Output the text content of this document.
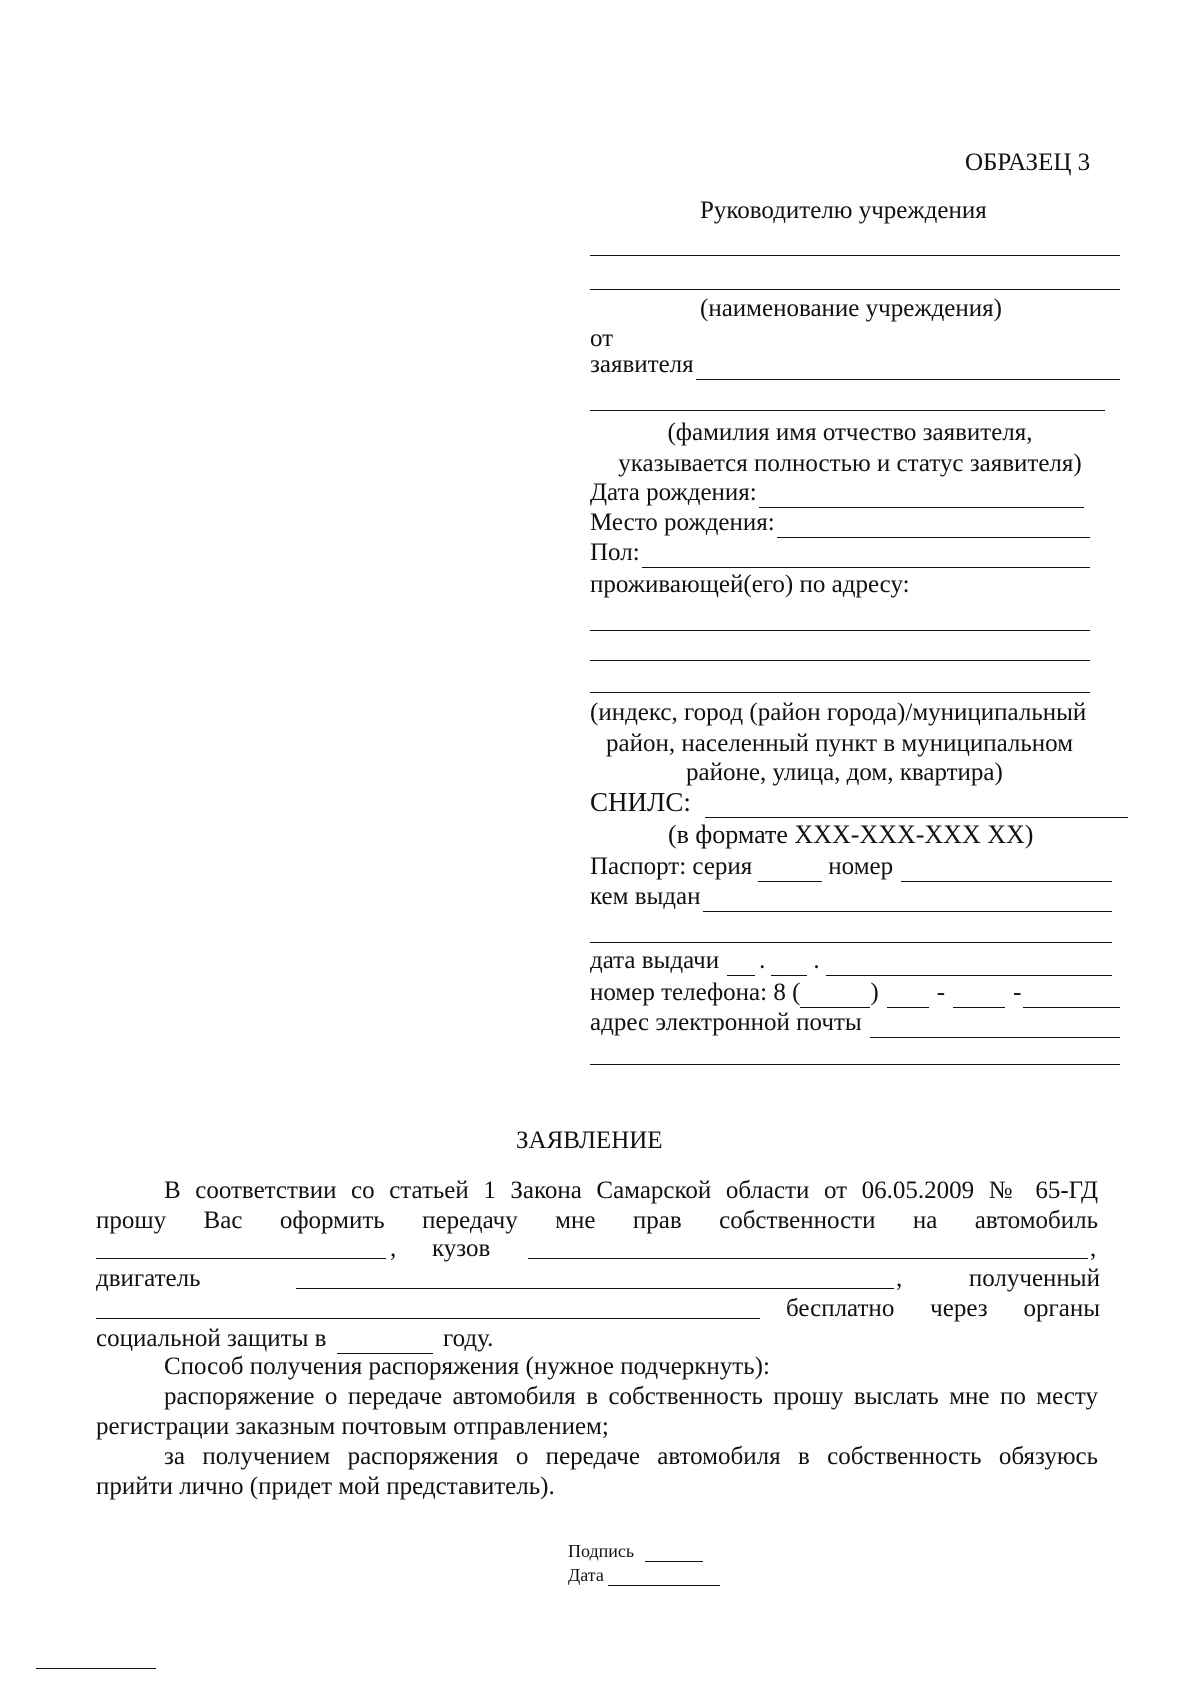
ОБРАЗЕЦ 3
Руководителю учреждения
(наименование учреждения)
от
заявителя
(фамилия имя отчество заявителя,
указывается полностью и статус заявителя)
Дата рождения:
Место рождения:
Пол:
проживающей(его) по адресу:
(индекс, город (район города)/муниципальный
район, населенный пункт в муниципальном
районе, улица, дом, квартира)
СНИЛС:
(в формате XXX-XXX-XXX XX)
Паспорт: серия	номер
кем выдан
дата выдачи . .
номер телефона: 8 (	) -	-
адрес электронной почты
ЗАЯВЛЕНИЕ
В соответствии со статьей 1 Закона Самарской области от 06.05.2009 № 65-ГД
прошу Вас оформить передачу мне прав собственности на автомобиль
, кузов	,
двигатель	,	полученный
бесплатно через органы
социальной защиты в	году.
Способ получения распоряжения (нужное подчеркнуть):
распоряжение о передаче автомобиля в собственность прошу выслать мне по месту
регистрации заказным почтовым отправлением;
за получением распоряжения о передаче автомобиля в собственность обязуюсь
прийти лично (придет мой представитель).
Подпись
Дата
